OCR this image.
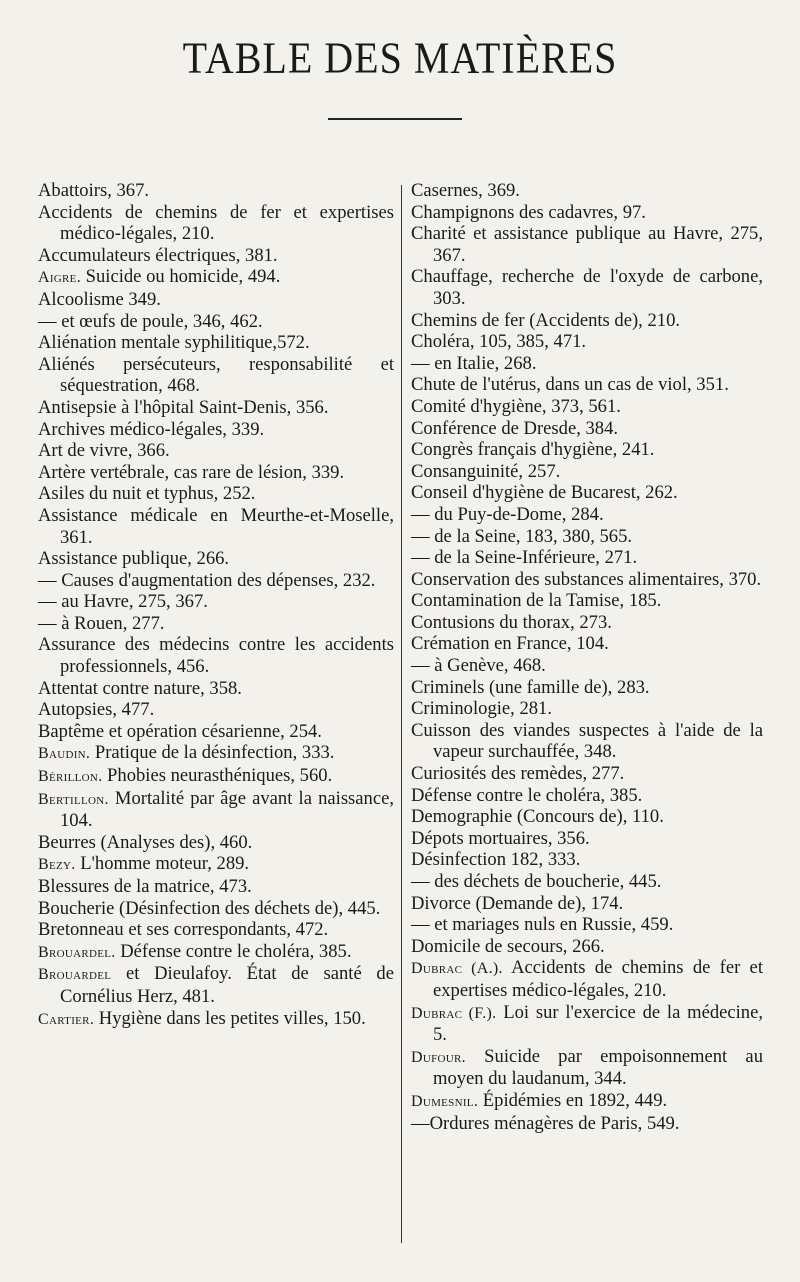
TABLE DES MATIÈRES

Abattoirs, 367.

Accidents de chemins de fer et expertises médico-légales, 210.

Accumulateurs électriques, 381.

Aigre. Suicide ou homicide, 494.

Alcoolisme 349.

— et œufs de poule, 346, 462.

Aliénation mentale syphilitique,572.

Aliénés persécuteurs, responsabilité et séquestration, 468.

Antisepsie à l'hôpital Saint-Denis, 356.

Archives médico-légales, 339.

Art de vivre, 366.

Artère vertébrale, cas rare de lésion, 339.

Asiles du nuit et typhus, 252.

Assistance médicale en Meurthe-et-Moselle, 361.

Assistance publique, 266.

— Causes d'augmentation des dépenses, 232.

— au Havre, 275, 367.

— à Rouen, 277.

Assurance des médecins contre les accidents professionnels, 456.

Attentat contre nature, 358.

Autopsies, 477.

Baptême et opération césarienne, 254.

Baudin. Pratique de la désinfection, 333.

Bérillon. Phobies neurasthéniques, 560.

Bertillon. Mortalité par âge avant la naissance, 104.

Beurres (Analyses des), 460.

Bezy. L'homme moteur, 289.

Blessures de la matrice, 473.

Boucherie (Désinfection des déchets de), 445.

Bretonneau et ses correspondants, 472.

Brouardel. Défense contre le choléra, 385.

Brouardel et Dieulafoy. État de santé de Cornélius Herz, 481.

Cartier. Hygiène dans les petites villes, 150.

Casernes, 369.

Champignons des cadavres, 97.

Charité et assistance publique au Havre, 275, 367.

Chauffage, recherche de l'oxyde de carbone, 303.

Chemins de fer (Accidents de), 210.

Choléra, 105, 385, 471.

— en Italie, 268.

Chute de l'utérus, dans un cas de viol, 351.

Comité d'hygiène, 373, 561.

Conférence de Dresde, 384.

Congrès français d'hygiène, 241.

Consanguinité, 257.

Conseil d'hygiène de Bucarest, 262.

— du Puy-de-Dome, 284.

— de la Seine, 183, 380, 565.

— de la Seine-Inférieure, 271.

Conservation des substances alimentaires, 370.

Contamination de la Tamise, 185.

Contusions du thorax, 273.

Crémation en France, 104.

— à Genève, 468.

Criminels (une famille de), 283.

Criminologie, 281.

Cuisson des viandes suspectes à l'aide de la vapeur surchauffée, 348.

Curiosités des remèdes, 277.

Défense contre le choléra, 385.

Demographie (Concours de), 110.

Dépots mortuaires, 356.

Désinfection 182, 333.

— des déchets de boucherie, 445.

Divorce (Demande de), 174.

— et mariages nuls en Russie, 459.

Domicile de secours, 266.

Dubrac (A.). Accidents de chemins de fer et expertises médico-légales, 210.

Dubrac (F.). Loi sur l'exercice de la médecine, 5.

Dufour. Suicide par empoisonnement au moyen du laudanum, 344.

Dumesnil. Épidémies en 1892, 449.

—Ordures ménagères de Paris, 549.
